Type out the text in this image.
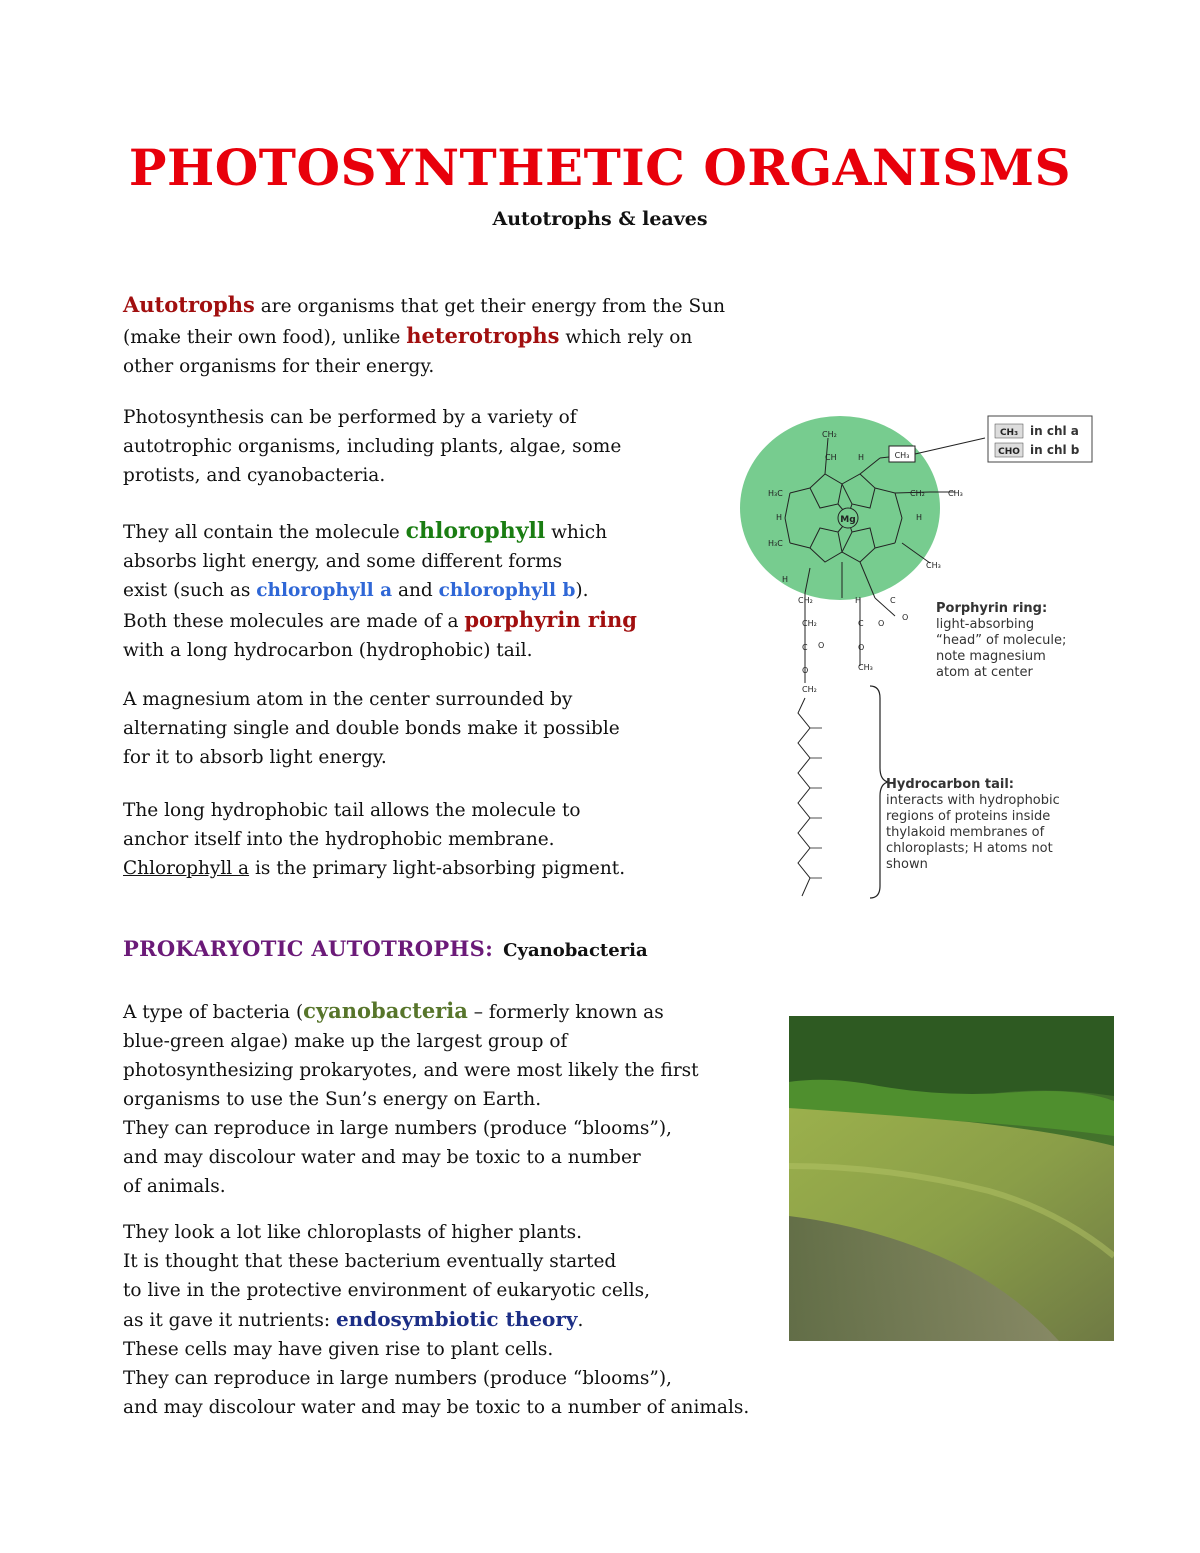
PHOTOSYNTHETIC ORGANISMS
Autotrophs & leaves
Autotrophs are organisms that get their energy from the Sun
(make their own food), unlike heterotrophs which rely on
other organisms for their energy.
Photosynthesis can be performed by a variety of
autotrophic organisms, including plants, algae, some
protists, and cyanobacteria.
They all contain the molecule chlorophyll which
absorbs light energy, and some different forms
exist (such as chlorophyll a and chlorophyll b).
Both these molecules are made of a porphyrin ring
with a long hydrocarbon (hydrophobic) tail.
A magnesium atom in the center surrounded by
alternating single and double bonds make it possible
for it to absorb light energy.
The long hydrophobic tail allows the molecule to
anchor itself into the hydrophobic membrane.
Chlorophyll a is the primary light-absorbing pigment.
CH₂
CH
H₃C
H
H₃C
H
H
CH₂	CH₃
H
CH₃
CH₂
CH₂
C O
O
CH₂
H
C O
O
CH₃
C
O
Mg
CH₃
CH₃
CHO
in chl a
in chl b
Porphyrin ring:
light-absorbing
“head” of molecule;
note magnesium
atom at center
Hydrocarbon tail:
interacts with hydrophobic
regions of proteins inside
thylakoid membranes of
chloroplasts; H atoms not
shown
PROKARYOTIC AUTOTROPHS: Cyanobacteria
A type of bacteria (cyanobacteria – formerly known as
blue-green algae) make up the largest group of
photosynthesizing prokaryotes, and were most likely the first
organisms to use the Sun’s energy on Earth.
They can reproduce in large numbers (produce “blooms”),
and may discolour water and may be toxic to a number
of animals.
They look a lot like chloroplasts of higher plants.
It is thought that these bacterium eventually started
to live in the protective environment of eukaryotic cells,
as it gave it nutrients: endosymbiotic theory.
These cells may have given rise to plant cells.
They can reproduce in large numbers (produce “blooms”),
and may discolour water and may be toxic to a number of animals.
